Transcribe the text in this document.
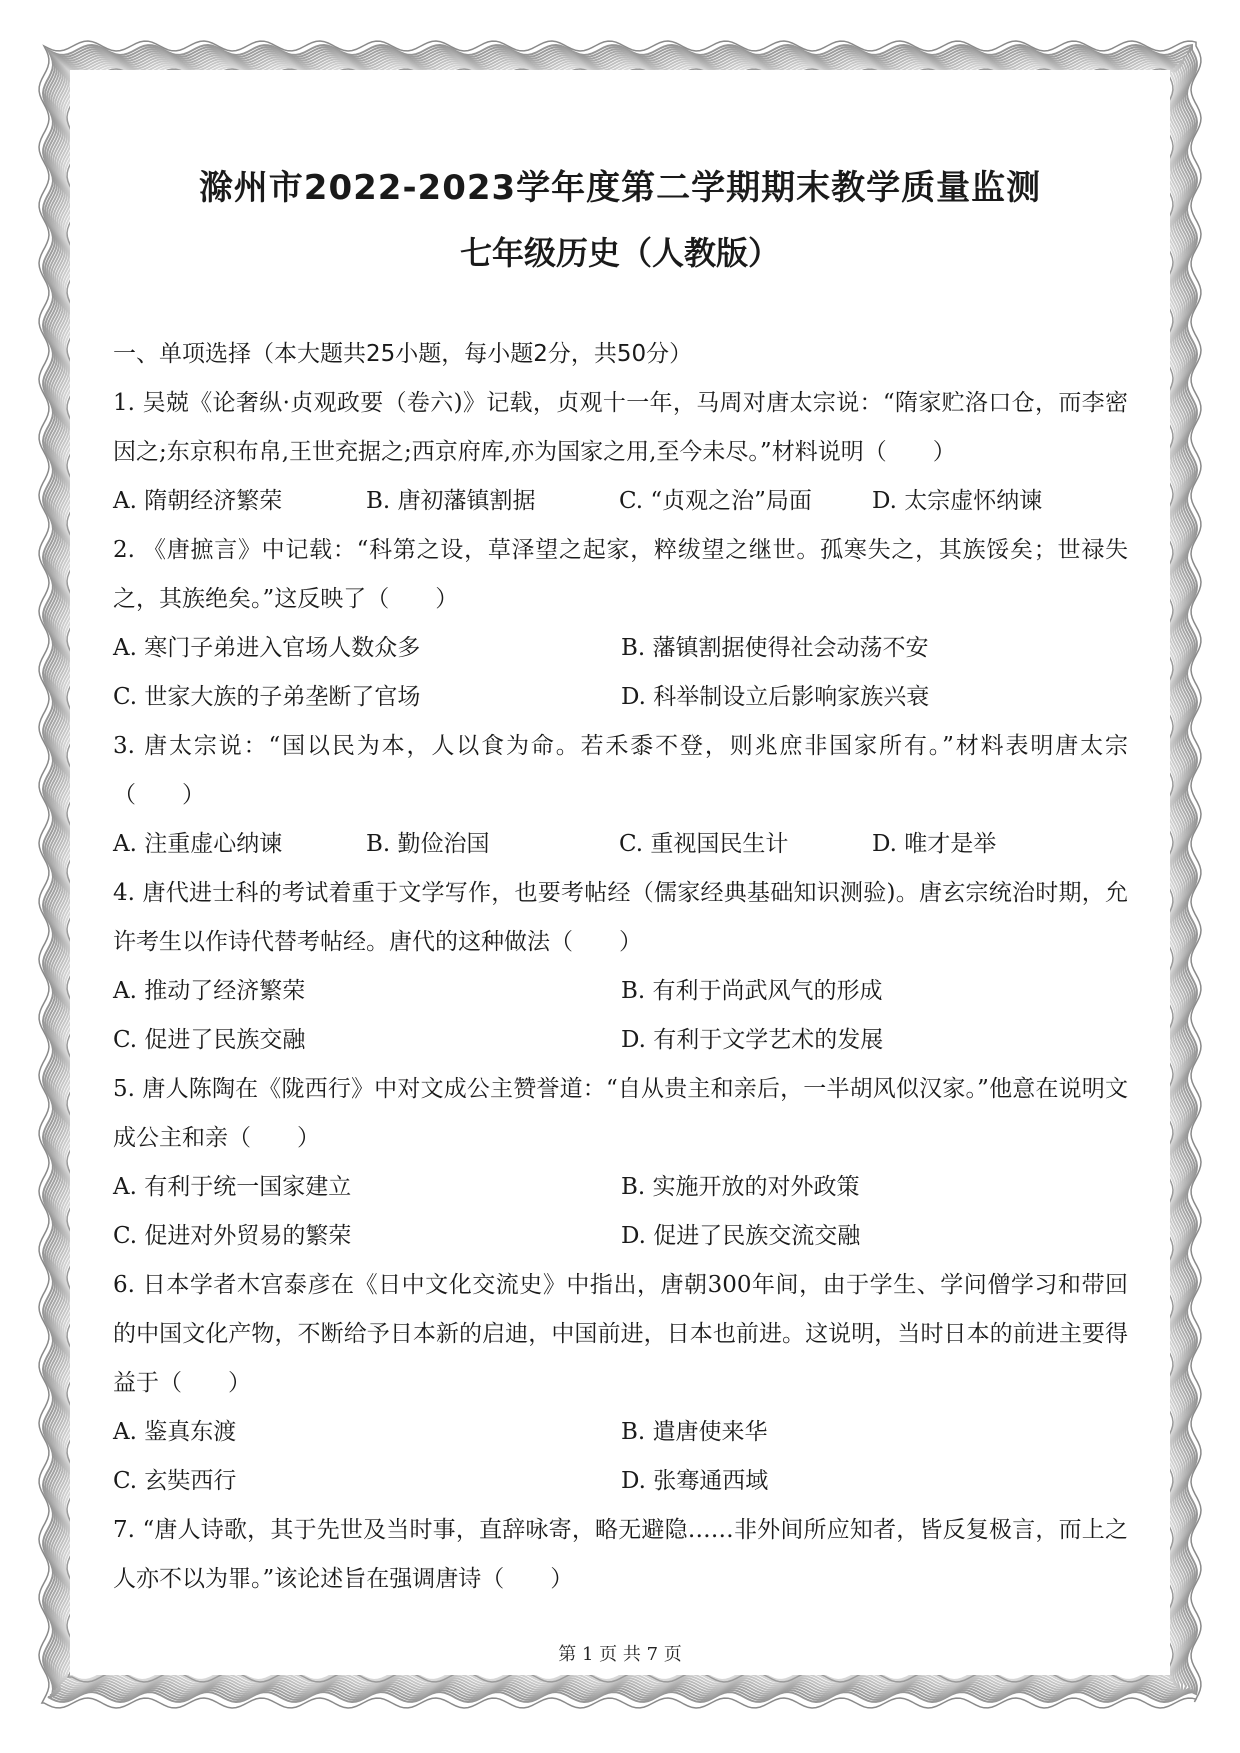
滁州市2022-2023学年度第二学期期末教学质量监测
七年级历史（人教版）
一、单项选择（本大题共25小题，每小题2分，共50分）
1. 吴兢《论奢纵·贞观政要（卷六)》记载，贞观十一年，马周对唐太宗说：“隋家贮洛口仓，而李密因之;东京积布帛,王世充据之;西京府库,亦为国家之用,至今未尽。”材料说明（　　）
A. 隋朝经济繁荣	B. 唐初藩镇割据	C. “贞观之治”局面	D. 太宗虚怀纳谏
2. 《唐摭言》中记载：“科第之设，草泽望之起家，粹绂望之继世。孤寒失之，其族馁矣；世禄失之，其族绝矣。”这反映了（　　）
A. 寒门子弟进入官场人数众多	B. 藩镇割据使得社会动荡不安
C. 世家大族的子弟垄断了官场	D. 科举制设立后影响家族兴衰
3. 唐太宗说：“国以民为本，人以食为命。若禾黍不登，则兆庶非国家所有。”材料表明唐太宗（　　）
A. 注重虚心纳谏	B. 勤俭治国	C. 重视国民生计	D. 唯才是举
4. 唐代进士科的考试着重于文学写作，也要考帖经（儒家经典基础知识测验)。唐玄宗统治时期，允许考生以作诗代替考帖经。唐代的这种做法（　　）
A. 推动了经济繁荣	B. 有利于尚武风气的形成
C. 促进了民族交融	D. 有利于文学艺术的发展
5. 唐人陈陶在《陇西行》中对文成公主赞誉道：“自从贵主和亲后，一半胡风似汉家。”他意在说明文成公主和亲（　　）
A. 有利于统一国家建立	B. 实施开放的对外政策
C. 促进对外贸易的繁荣	D. 促进了民族交流交融
6. 日本学者木宫泰彦在《日中文化交流史》中指出，唐朝300年间，由于学生、学问僧学习和带回的中国文化产物，不断给予日本新的启迪，中国前进，日本也前进。这说明，当时日本的前进主要得益于（　　）
A. 鉴真东渡	B. 遣唐使来华
C. 玄奘西行	D. 张骞通西域
7. “唐人诗歌，其于先世及当时事，直辞咏寄，略无避隐……非外间所应知者，皆反复极言，而上之人亦不以为罪。”该论述旨在强调唐诗（　　）
第 1 页 共 7 页
